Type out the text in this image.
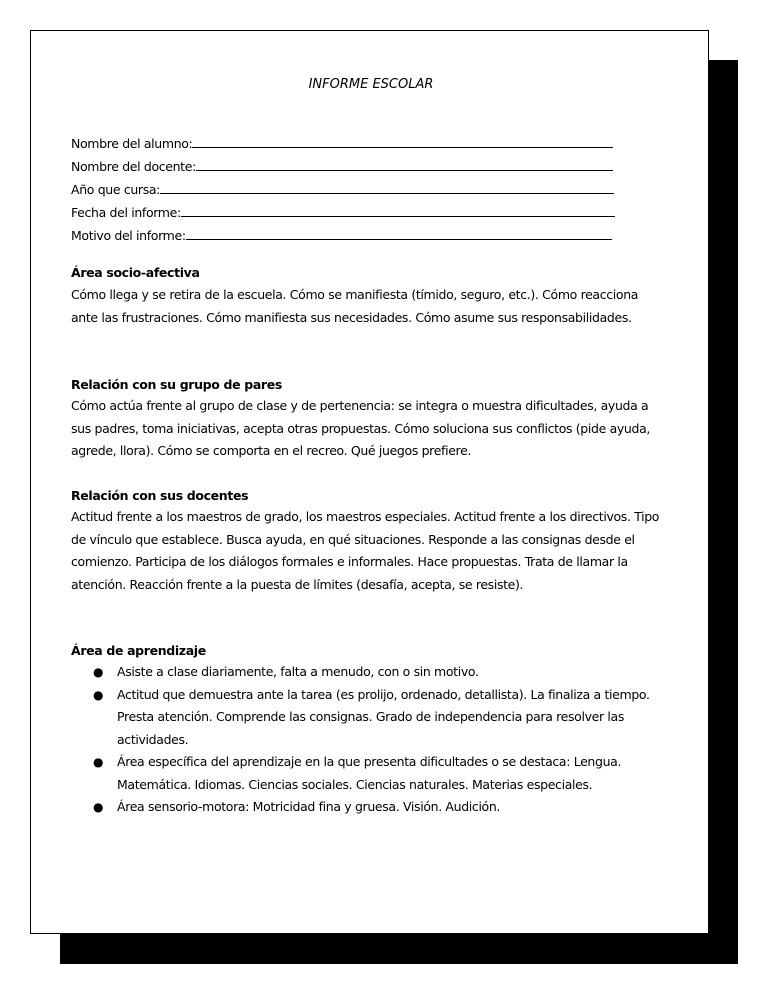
INFORME ESCOLAR
Nombre del alumno:
Nombre del docente:
Año que cursa:
Fecha del informe:
Motivo del informe:
Área socio-afectiva
Cómo llega y se retira de la escuela. Cómo se manifiesta (tímido, seguro, etc.). Cómo reacciona ante las frustraciones. Cómo manifiesta sus necesidades. Cómo asume sus responsabilidades.
Relación con su grupo de pares
Cómo actúa frente al grupo de clase y de pertenencia: se integra o muestra dificultades, ayuda a sus padres, toma iniciativas, acepta otras propuestas. Cómo soluciona sus conflictos (pide ayuda, agrede, llora). Cómo se comporta en el recreo. Qué juegos prefiere.
Relación con sus docentes
Actitud frente a los maestros de grado, los maestros especiales. Actitud frente a los directivos. Tipo de vínculo que establece. Busca ayuda, en qué situaciones. Responde a las consignas desde el comienzo. Participa de los diálogos formales e informales. Hace propuestas. Trata de llamar la atención. Reacción frente a la puesta de límites (desafía, acepta, se resiste).
Área de aprendizaje
● Asiste a clase diariamente, falta a menudo, con o sin motivo.
● Actitud que demuestra ante la tarea (es prolijo, ordenado, detallista). La finaliza a tiempo. Presta atención. Comprende las consignas. Grado de independencia para resolver las actividades.
● Área específica del aprendizaje en la que presenta dificultades o se destaca: Lengua. Matemática. Idiomas. Ciencias sociales. Ciencias naturales. Materias especiales.
● Área sensorio-motora: Motricidad fina y gruesa. Visión. Audición.
